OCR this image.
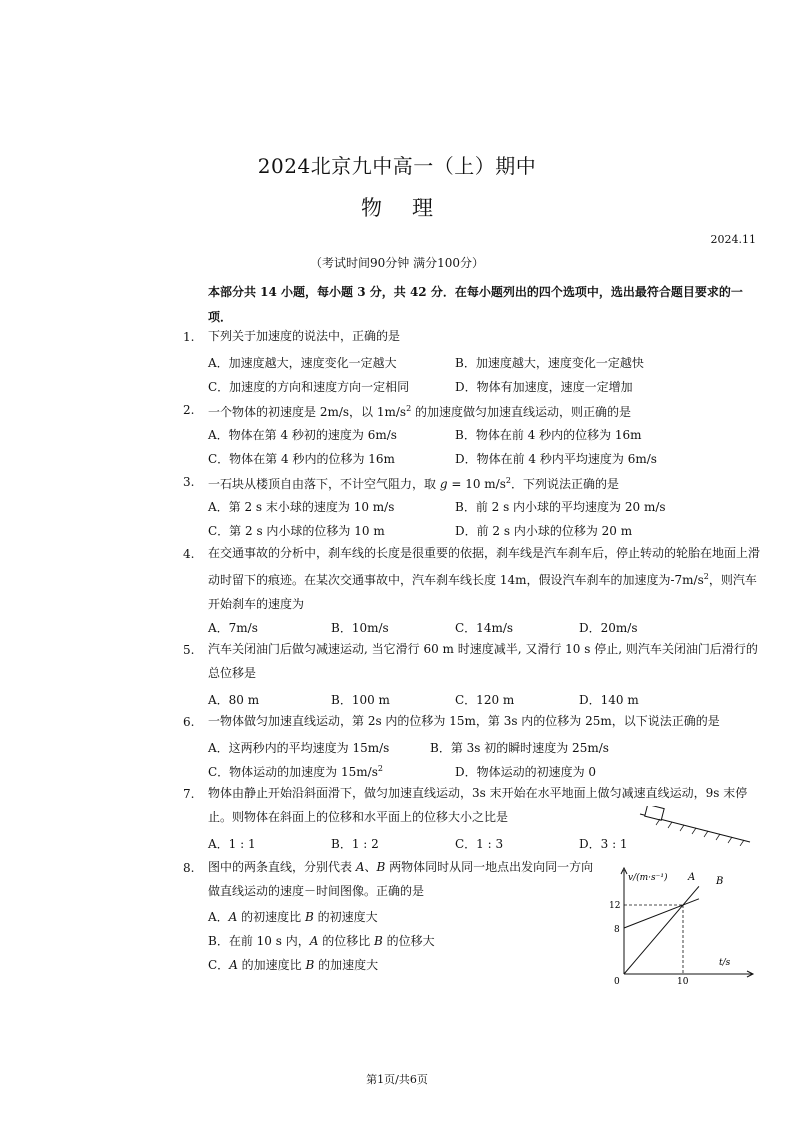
2024北京九中高一（上）期中
物理
2024.11
（考试时间90分钟 满分100分）
本部分共 14 小题，每小题 3 分，共 42 分．在每小题列出的四个选项中，选出最符合题目要求的一项．
1. 下列关于加速度的说法中，正确的是
A．加速度越大，速度变化一定越大	B．加速度越大，速度变化一定越快
C．加速度的方向和速度方向一定相同	D．物体有加速度，速度一定增加
2. 一个物体的初速度是 2m/s，以 $1m/s^2$ 的加速度做匀加速直线运动，则正确的是
A．物体在第 4 秒初的速度为 6m/s	B．物体在前 4 秒内的位移为 16m
C．物体在第 4 秒内的位移为 16m	D．物体在前 4 秒内平均速度为 6m/s
3. 一石块从楼顶自由落下，不计空气阻力，取 g = 10 $m/s^2$．下列说法正确的是
A．第 2 s 末小球的速度为 10 m/s	B．前 2 s 内小球的平均速度为 20 m/s
C．第 2 s 内小球的位移为 10 m	D．前 2 s 内小球的位移为 20 m
4. 在交通事故的分析中，刹车线的长度是很重要的依据，刹车线是汽车刹车后，停止转动的轮胎在地面上滑动时留下的痕迹。在某次交通事故中，汽车刹车线长度 14m，假设汽车刹车的加速度为$-7m/s^2$，则汽车开始刹车的速度为
A．7m/s	B．10m/s	C．14m/s	D．20m/s
5. 汽车关闭油门后做匀减速运动, 当它滑行 60 m 时速度减半, 又滑行 10 s 停止, 则汽车关闭油门后滑行的总位移是
A．80 m	B．100 m	C．120 m	D．140 m
6. 一物体做匀加速直线运动，第 2s 内的位移为 15m，第 3s 内的位移为 25m，以下说法正确的是
A．这两秒内的平均速度为 15m/s	B．第 3s 初的瞬时速度为 25m/s
C．物体运动的加速度为 $15m/s^2$	D．物体运动的初速度为 0
7. 物体由静止开始沿斜面滑下，做匀加速直线运动，3s 末开始在水平地面上做匀减速直线运动，9s 末停止。则物体在斜面上的位移和水平面上的位移大小之比是
A．1 : 1	B．1 : 2	C．1 : 3	D．3 : 1
8. 图中的两条直线，分别代表 A、B 两物体同时从同一地点出发向同一方向做直线运动的速度－时间图像。正确的是
A．A 的初速度比 B 的初速度大
B．在前 10 s 内，A 的位移比 B 的位移大
C．A 的加速度比 B 的加速度大
v/(m·s⁻¹)
t/s
0
12
8
10
A B
第1页/共6页
